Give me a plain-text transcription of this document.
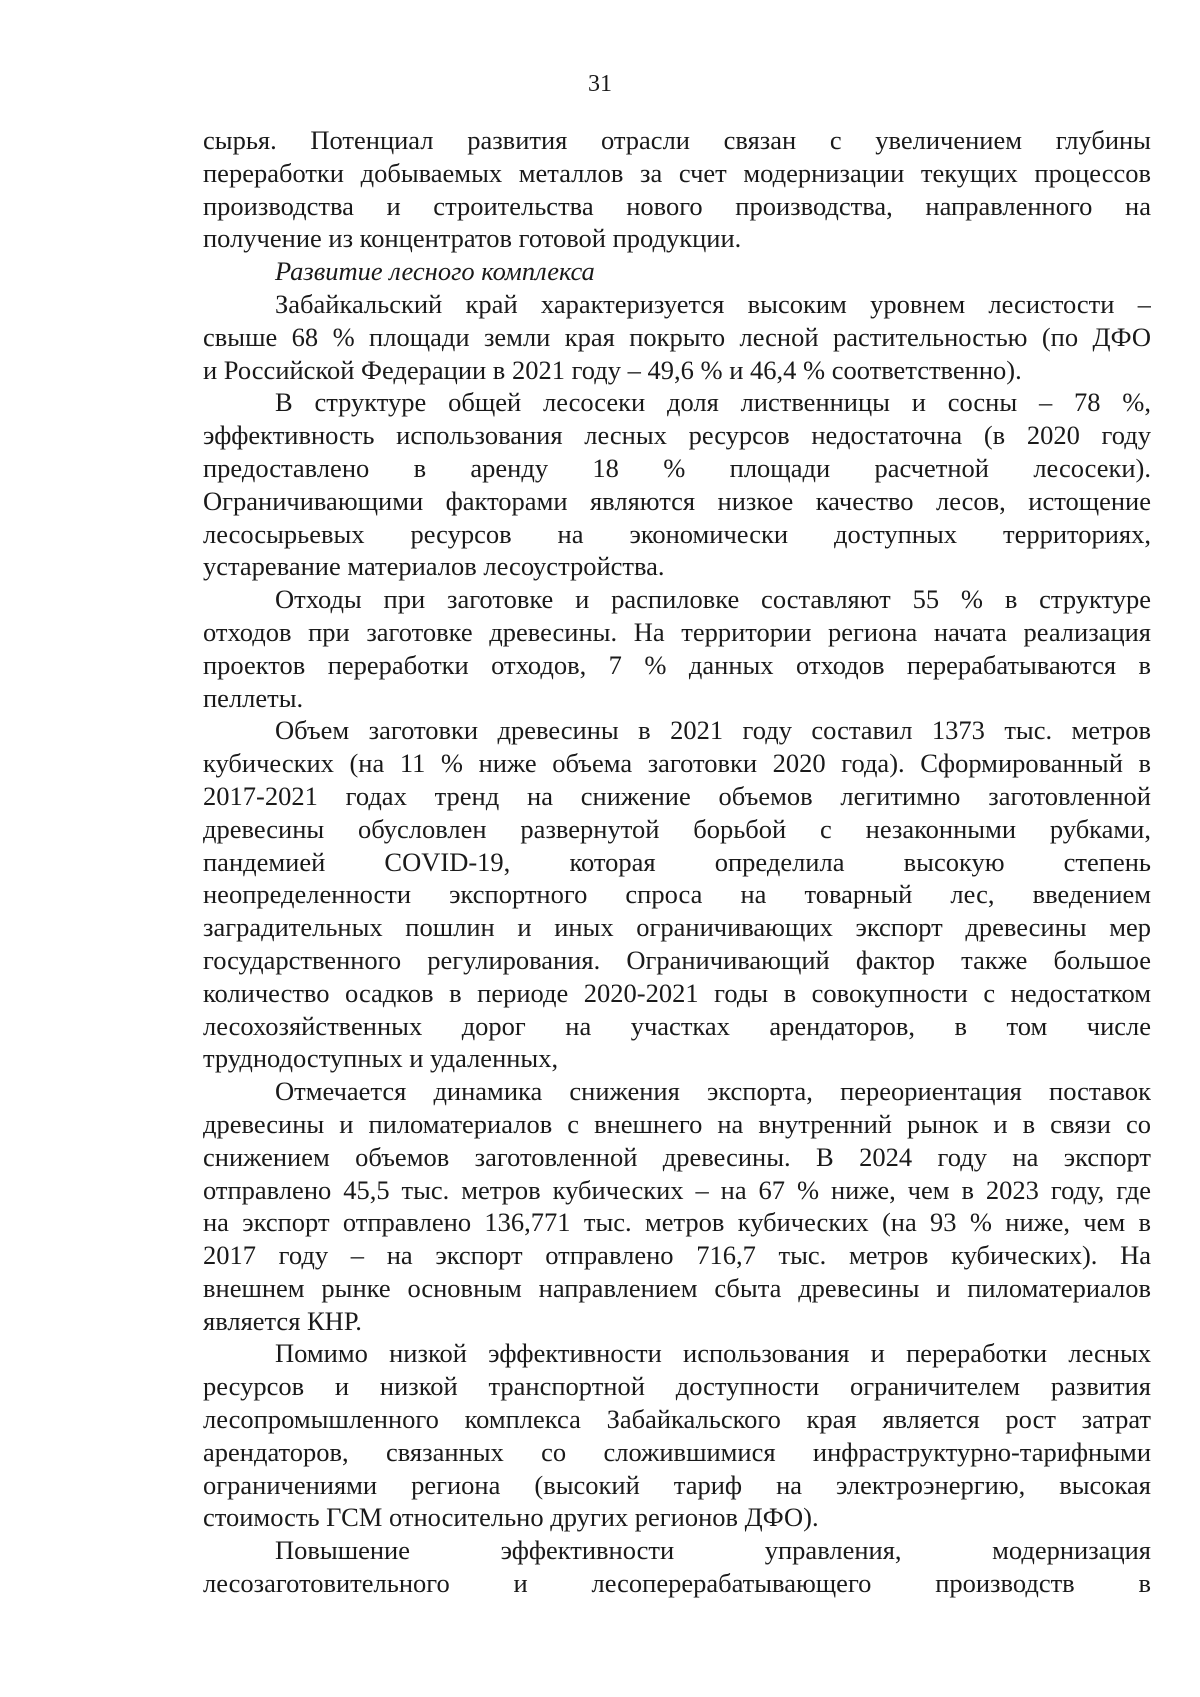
31
сырья. Потенциал развития отрасли связан с увеличением глубины
переработки добываемых металлов за счет модернизации текущих процессов
производства и строительства нового производства, направленного на
получение из концентратов готовой продукции.
Развитие лесного комплекса
Забайкальский край характеризуется высоким уровнем лесистости –
свыше 68 % площади земли края покрыто лесной растительностью (по ДФО
и Российской Федерации в 2021 году – 49,6 % и 46,4 % соответственно).
В структуре общей лесосеки доля лиственницы и сосны – 78 %,
эффективность использования лесных ресурсов недостаточна (в 2020 году
предоставлено в аренду 18 % площади расчетной лесосеки).
Ограничивающими факторами являются низкое качество лесов, истощение
лесосырьевых ресурсов на экономически доступных территориях,
устаревание материалов лесоустройства.
Отходы при заготовке и распиловке составляют 55 % в структуре
отходов при заготовке древесины. На территории региона начата реализация
проектов переработки отходов, 7 % данных отходов перерабатываются в
пеллеты.
Объем заготовки древесины в 2021 году составил 1373 тыс. метров
кубических (на 11 % ниже объема заготовки 2020 года). Сформированный в
2017-2021 годах тренд на снижение объемов легитимно заготовленной
древесины обусловлен развернутой борьбой с незаконными рубками,
пандемией COVID-19, которая определила высокую степень
неопределенности экспортного спроса на товарный лес, введением
заградительных пошлин и иных ограничивающих экспорт древесины мер
государственного регулирования. Ограничивающий фактор также большое
количество осадков в периоде 2020-2021 годы в совокупности с недостатком
лесохозяйственных дорог на участках арендаторов, в том числе
труднодоступных и удаленных,
Отмечается динамика снижения экспорта, переориентация поставок
древесины и пиломатериалов с внешнего на внутренний рынок и в связи со
снижением объемов заготовленной древесины. В 2024 году на экспорт
отправлено 45,5 тыс. метров кубических – на 67 % ниже, чем в 2023 году, где
на экспорт отправлено 136,771 тыс. метров кубических (на 93 % ниже, чем в
2017 году – на экспорт отправлено 716,7 тыс. метров кубических). На
внешнем рынке основным направлением сбыта древесины и пиломатериалов
является КНР.
Помимо низкой эффективности использования и переработки лесных
ресурсов и низкой транспортной доступности ограничителем развития
лесопромышленного комплекса Забайкальского края является рост затрат
арендаторов, связанных со сложившимися инфраструктурно-тарифными
ограничениями региона (высокий тариф на электроэнергию, высокая
стоимость ГСМ относительно других регионов ДФО).
Повышение эффективности управления, модернизация
лесозаготовительного и лесоперерабатывающего производств в
